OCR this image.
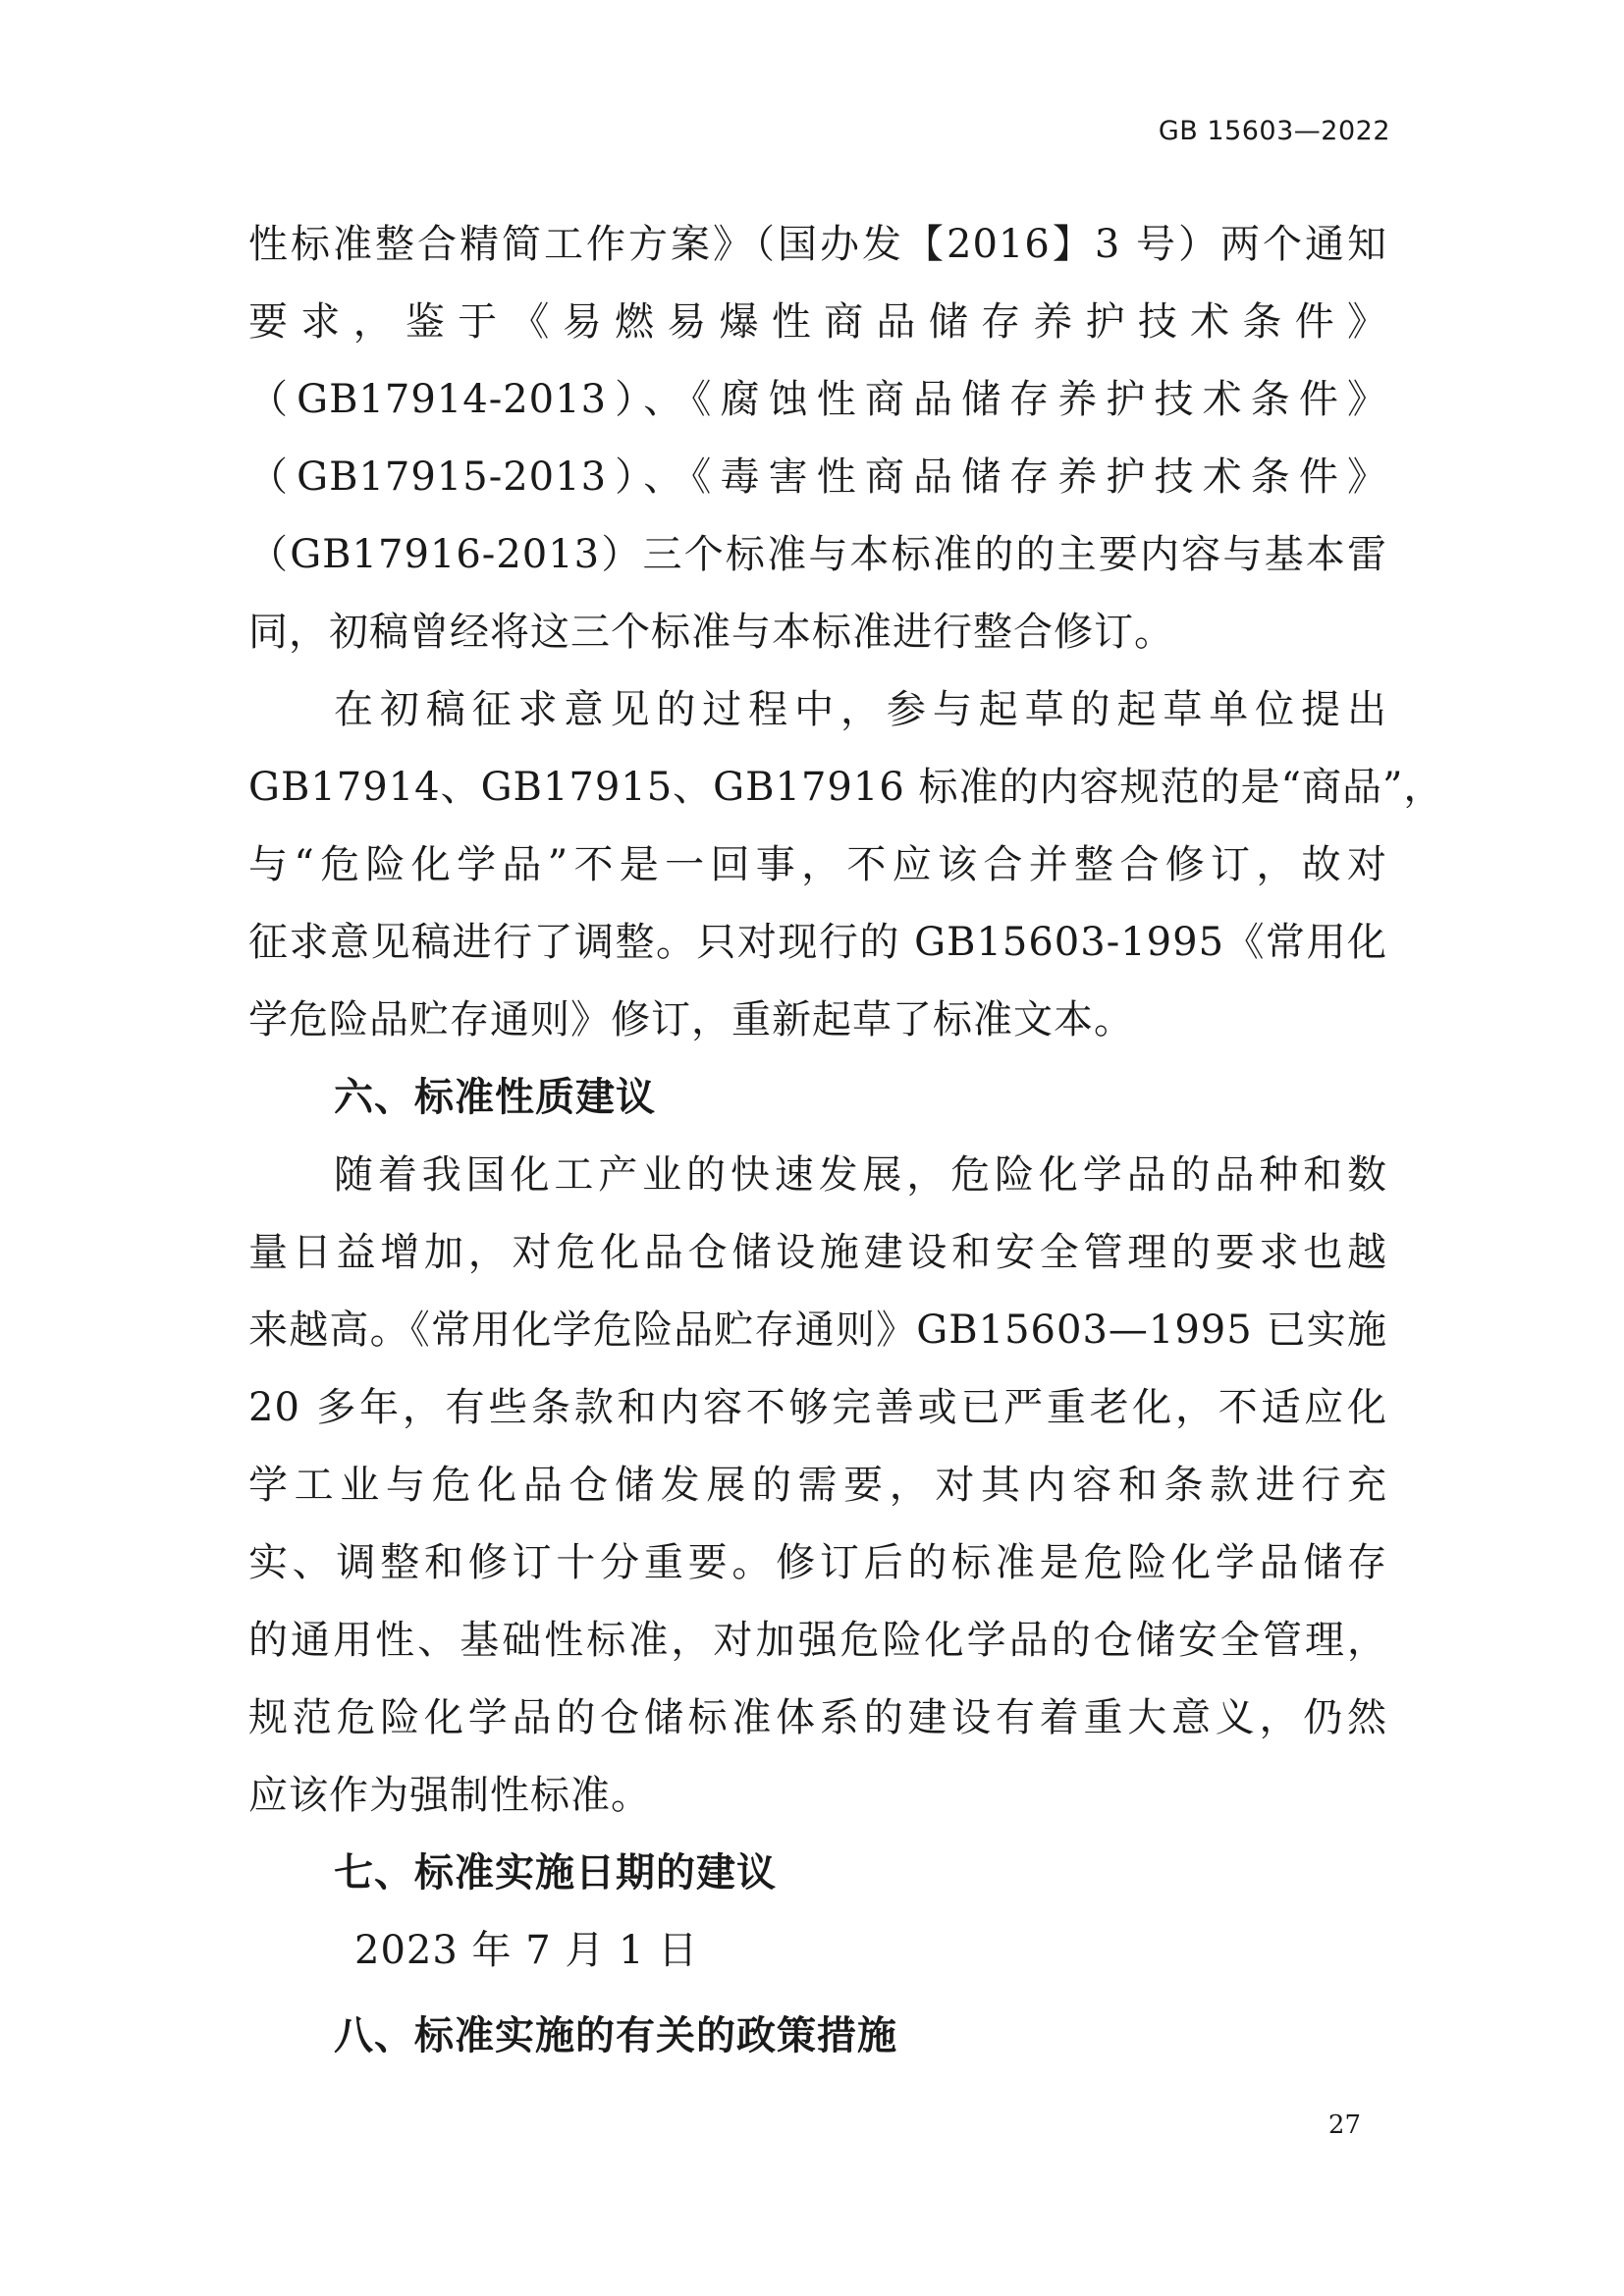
GB 15603—2022
性标准整合精简工作方案》（国办发【2016】3 号）两个通知
要求，鉴于《易燃易爆性商品储存养护技术条件》
（GB17914-2013）、《腐蚀性商品储存养护技术条件》
（GB17915-2013）、《毒害性商品储存养护技术条件》
（GB17916-2013）三个标准与本标准的的主要内容与基本雷
同，初稿曾经将这三个标准与本标准进行整合修订。
在初稿征求意见的过程中，参与起草的起草单位提出
GB17914、GB17915、GB17916 标准的内容规范的是“商品”，
与“危险化学品”不是一回事，不应该合并整合修订，故对
征求意见稿进行了调整。只对现行的 GB15603-1995《常用化
学危险品贮存通则》修订，重新起草了标准文本。
六、标准性质建议
随着我国化工产业的快速发展，危险化学品的品种和数
量日益增加，对危化品仓储设施建设和安全管理的要求也越
来越高。《常用化学危险品贮存通则》GB15603—1995 已实施
20 多年，有些条款和内容不够完善或已严重老化，不适应化
学工业与危化品仓储发展的需要，对其内容和条款进行充
实、调整和修订十分重要。修订后的标准是危险化学品储存
的通用性、基础性标准，对加强危险化学品的仓储安全管理，
规范危险化学品的仓储标准体系的建设有着重大意义，仍然
应该作为强制性标准。
七、标准实施日期的建议
2023 年 7 月 1 日
八、标准实施的有关的政策措施
27
